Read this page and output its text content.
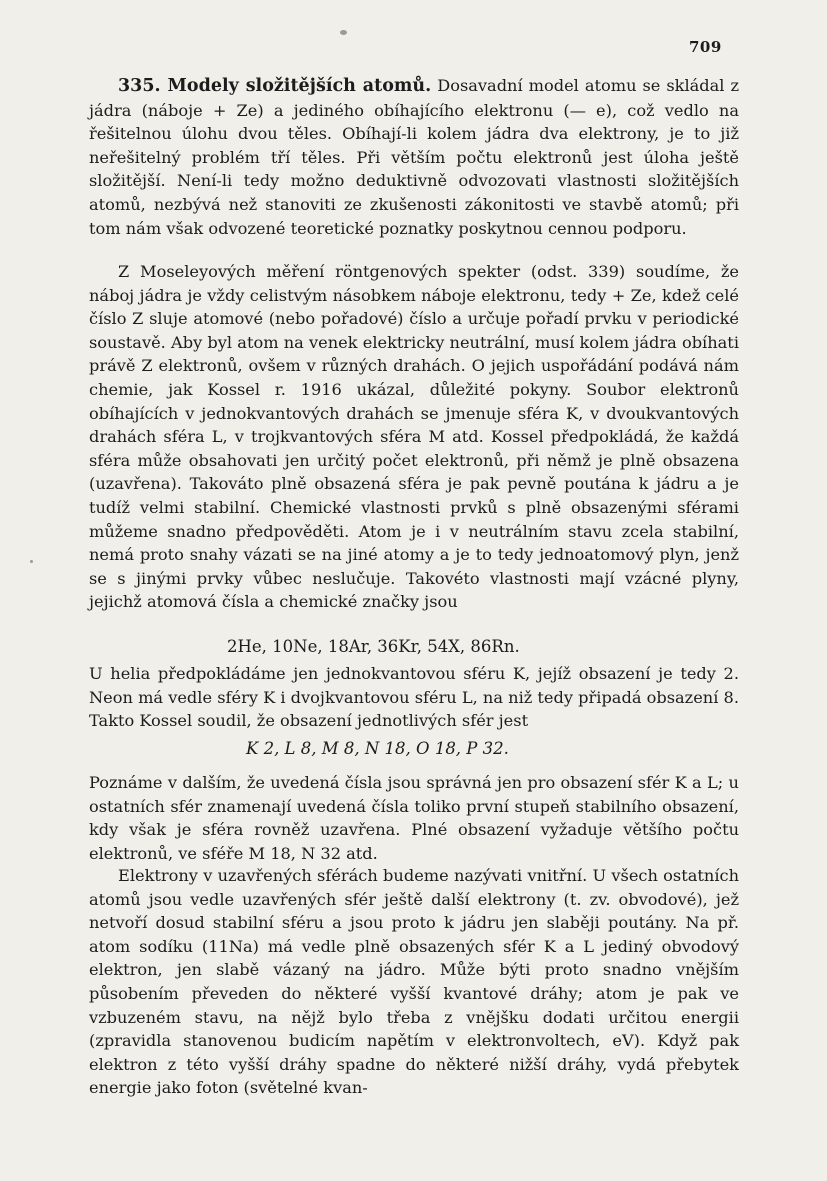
709

335. Modely složitějších atomů. Dosavadní model atomu se skládal z jádra (náboje + Ze) a jediného obíhajícího elektronu (— e), což vedlo na řešitelnou úlohu dvou těles. Obíhají-li kolem jádra dva elektrony, je to již neřešitelný problém tří těles. Při větším počtu elektronů jest úloha ještě složitější. Není-li tedy možno deduktivně odvozovati vlastnosti složitějších atomů, nezbývá než stanoviti ze zkušenosti zákonitosti ve stavbě atomů; při tom nám však odvozené teoretické poznatky poskytnou cennou podporu.

Z Moseleyových měření röntgenových spekter (odst. 339) soudíme, že náboj jádra je vždy celistvým násobkem náboje elektronu, tedy + Ze, kdež celé číslo Z sluje atomové (nebo pořadové) číslo a určuje pořadí prvku v periodické soustavě. Aby byl atom na venek elektricky neutrální, musí kolem jádra obíhati právě Z elektronů, ovšem v různých drahách. O jejich uspořádání podává nám chemie, jak Kossel r. 1916 ukázal, důležité pokyny. Soubor elektronů obíhajících v jednokvantových drahách se jmenuje sféra K, v dvoukvantových drahách sféra L, v trojkvantových sféra M atd. Kossel předpokládá, že každá sféra může obsahovati jen určitý počet elektronů, při němž je plně obsazena (uzavřena). Takováto plně obsazená sféra je pak pevně poutána k jádru a je tudíž velmi stabilní. Chemické vlastnosti prvků s plně obsazenými sférami můžeme snadno předpověděti. Atom je i v neutrálním stavu zcela stabilní, nemá proto snahy vázati se na jiné atomy a je to tedy jednoatomový plyn, jenž se s jinými prvky vůbec neslučuje. Takovéto vlastnosti mají vzácné plyny, jejichž atomová čísla a chemické značky jsou

2He, 10Ne, 18Ar, 36Kr, 54X, 86Rn.

U helia předpokládáme jen jednokvantovou sféru K, jejíž obsazení je tedy 2. Neon má vedle sféry K i dvojkvantovou sféru L, na niž tedy připadá obsazení 8. Takto Kossel soudil, že obsazení jednotlivých sfér jest

K 2, L 8, M 8, N 18, O 18, P 32.

Poznáme v dalším, že uvedená čísla jsou správná jen pro obsazení sfér K a L; u ostatních sfér znamenají uvedená čísla toliko první stupeň stabilního obsazení, kdy však je sféra rovněž uzavřena. Plné obsazení vyžaduje většího počtu elektronů, ve sféře M 18, N 32 atd.

Elektrony v uzavřených sférách budeme nazývati vnitřní. U všech ostatních atomů jsou vedle uzavřených sfér ještě další elektrony (t. zv. obvodové), jež netvoří dosud stabilní sféru a jsou proto k jádru jen slaběji poutány. Na př. atom sodíku (11Na) má vedle plně obsazených sfér K a L jediný obvodový elektron, jen slabě vázaný na jádro. Může býti proto snadno vnějším působením převeden do některé vyšší kvantové dráhy; atom je pak ve vzbuzeném stavu, na nějž bylo třeba z vnějšku dodati určitou energii (zpravidla stanovenou budicím napětím v elektronvoltech, eV). Když pak elektron z této vyšší dráhy spadne do některé nižší dráhy, vydá přebytek energie jako foton (světelné kvan-
